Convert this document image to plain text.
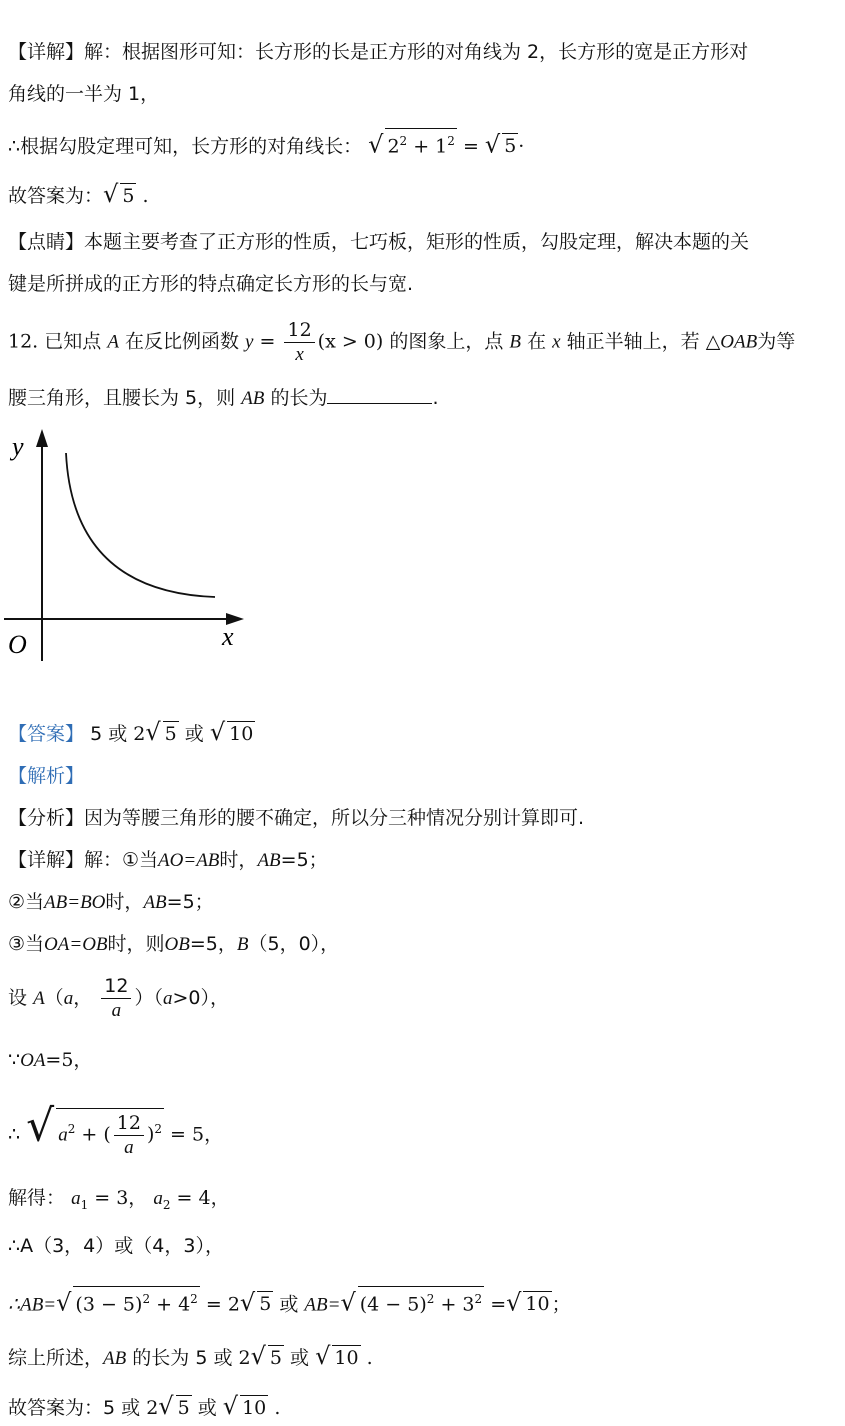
【详解】解：根据图形可知：长方形的长是正方形的对角线为 2，长方形的宽是正方形对
角线的一半为 1，
∴根据勾股定理可知，长方形的对角线长： √ $2^2 + 1^2$ = √ 5 ·
故答案为：√ 5 .
【点睛】本题主要考查了正方形的性质，七巧板，矩形的性质，勾股定理，解决本题的关
键是所拼成的正方形的特点确定长方形的长与宽.
12. 已知点 A 在反比例函数 $y = \frac{12}{x} (x > 0)$ 的图象上，点 B 在 x 轴正半轴上，若 △OAB为等
腰三角形，且腰长为 5，则 AB 的长为	.
y
x
O
【答案】 5 或 2√ 5 或 √ 10
【解析】
【分析】因为等腰三角形的腰不确定，所以分三种情况分别计算即可.
【详解】解：①当AO=AB时，AB=5；
②当AB=BO时，AB=5；
③当OA=OB时，则OB=5，B（5，0），
设 A（a， $\frac{12}{a} )(a>0)$，
∵OA=5，
∴ √ $a^2$ + ( $\frac{12}{a} )^2 = 5$，
解得： $a_1 = 3$， $a_2 = 4$，
∴A（3，4）或（4，3），
∴AB=√ $(3 - 5)^2 + 4^2 = 2√$ 5 或 AB=√ $(4 - 5)^2 + 3^2$ =√ 10 ；
综上所述，AB 的长为 5 或 2√ 5 或 √ 10 .
故答案为：5 或 2√ 5 或 √ 10 .
